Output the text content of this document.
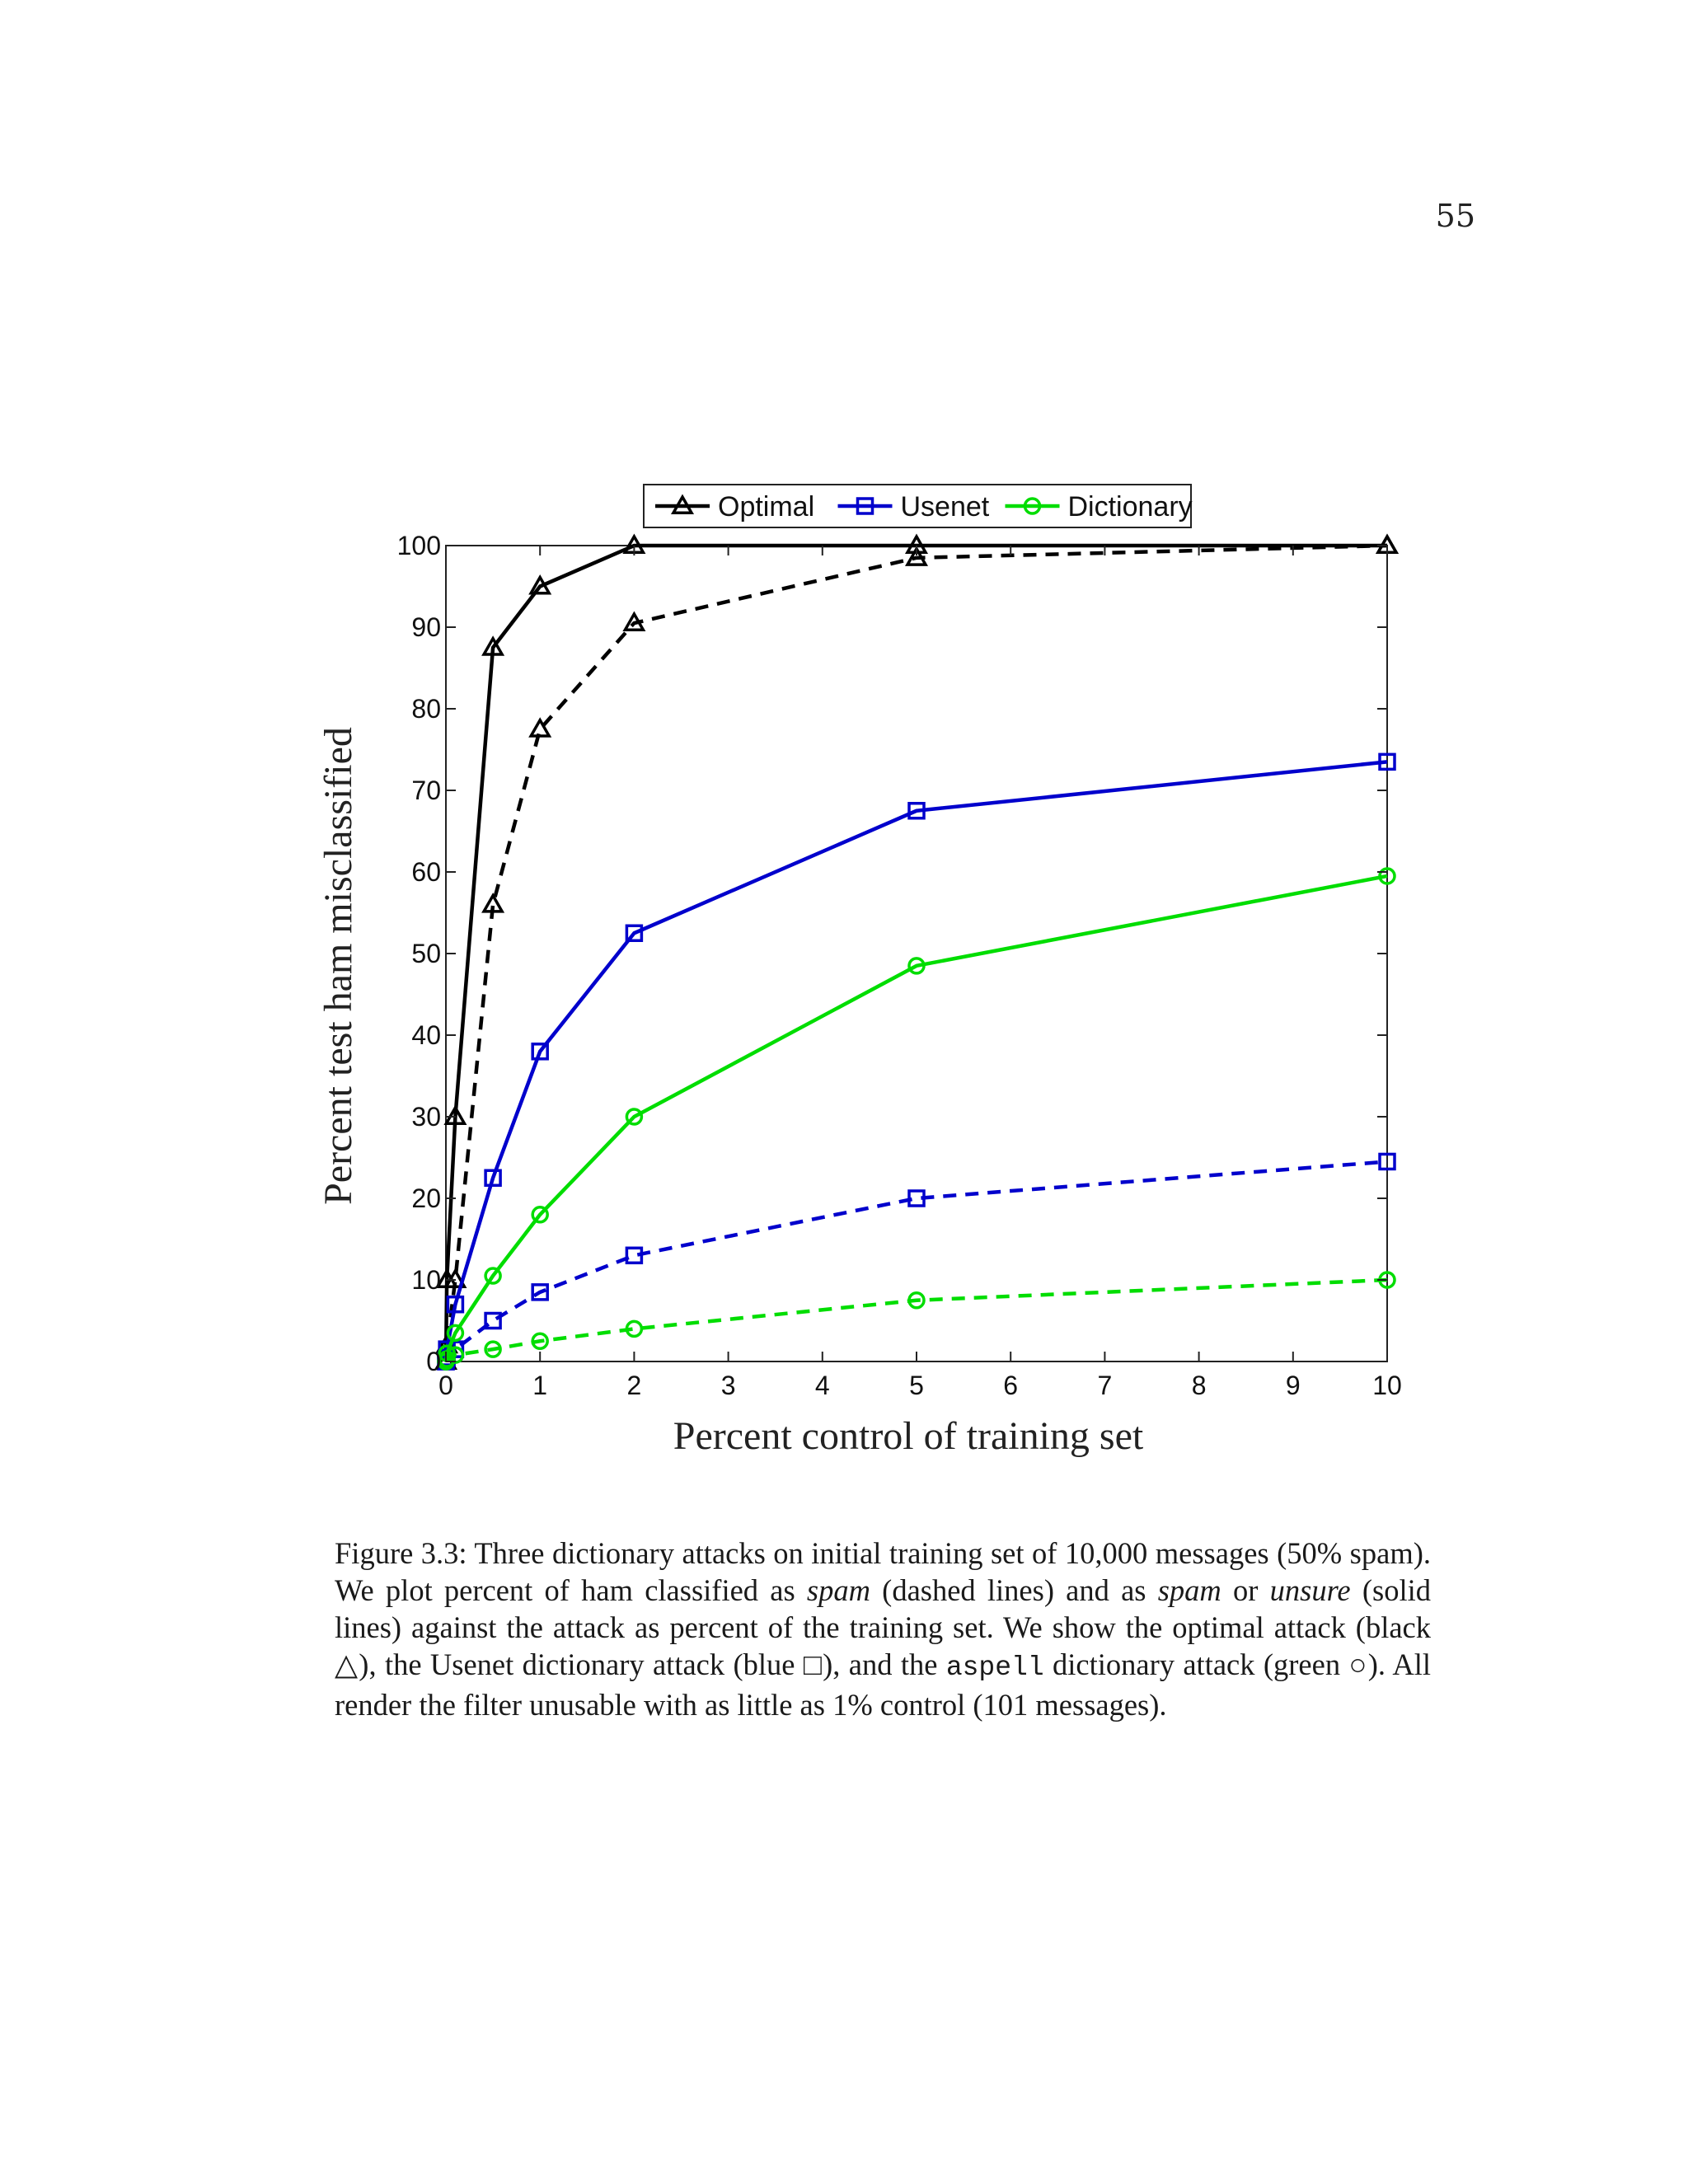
55
0	1	2	3	4	5	6	7	8	9	10
0
10
20
30
40
50
60
70
80
90
100
Optimal	Usenet	Dictionary
Percent control of training set
Percent test ham misclassified
Figure 3.3: Three dictionary attacks on initial training set of 10,000 messages (50% spam). We plot percent of ham classified as spam (dashed lines) and as spam or unsure (solid lines) against the attack as percent of the training set. We show the optimal attack (black △), the Usenet dictionary attack (blue □), and the aspell dictionary attack (green ○). All render the filter unusable with as little as 1% control (101 messages).
